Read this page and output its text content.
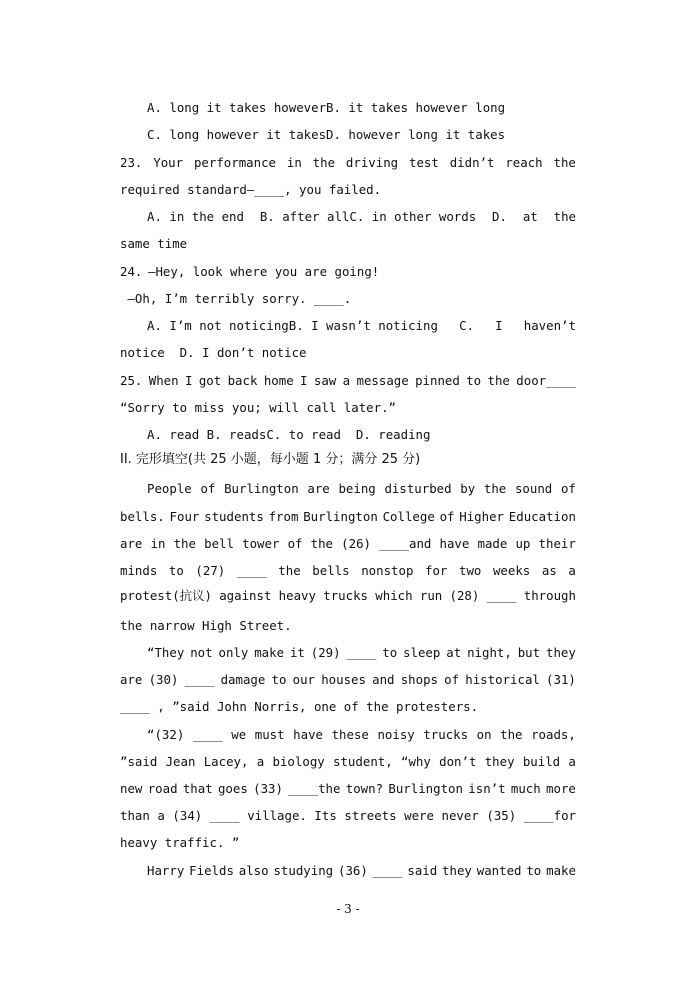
A. long it takes howeverB. it takes however long
C. long however it takesD. however long it takes
23. Your performance in the driving test didn’t reach the
required standard—____, you failed.
A. in the end B. after allC. in other words D. at the
same time
24.
—Hey, look where you are going!
—Oh, I’m terribly sorry. ____.
A. I’m not noticingB. I wasn’t noticing C. I haven’t
notice  D. I don’t notice
25. When I got back home I saw a message pinned to the door____
“Sorry to miss you; will call later.”
A. read B. readsC. to read  D. reading
II. 完形填空(共 25 小题，每小题 1 分；满分 25 分)
People of Burlington are being disturbed by the sound of
bells. Four students from Burlington College of Higher Education
are in the bell tower of the (26) ____and have made up their
minds to (27) ____ the bells nonstop for two weeks as a
protest(抗议) against heavy trucks which run (28) ____ through
the narrow High Street.
“They not only make it (29) ____ to sleep at night, but they
are (30) ____ damage to our houses and shops of historical (31)
____ , ”said John Norris, one of the protesters.
“(32) ____ we must have these noisy trucks on the roads,
”said Jean Lacey, a biology student, “why don’t they build a
new road that goes (33) ____the town? Burlington isn’t much more
than a (34) ____ village. Its streets were never (35) ____for
heavy traffic. ”
Harry Fields also studying (36) ____ said they wanted to make
- 3 -
